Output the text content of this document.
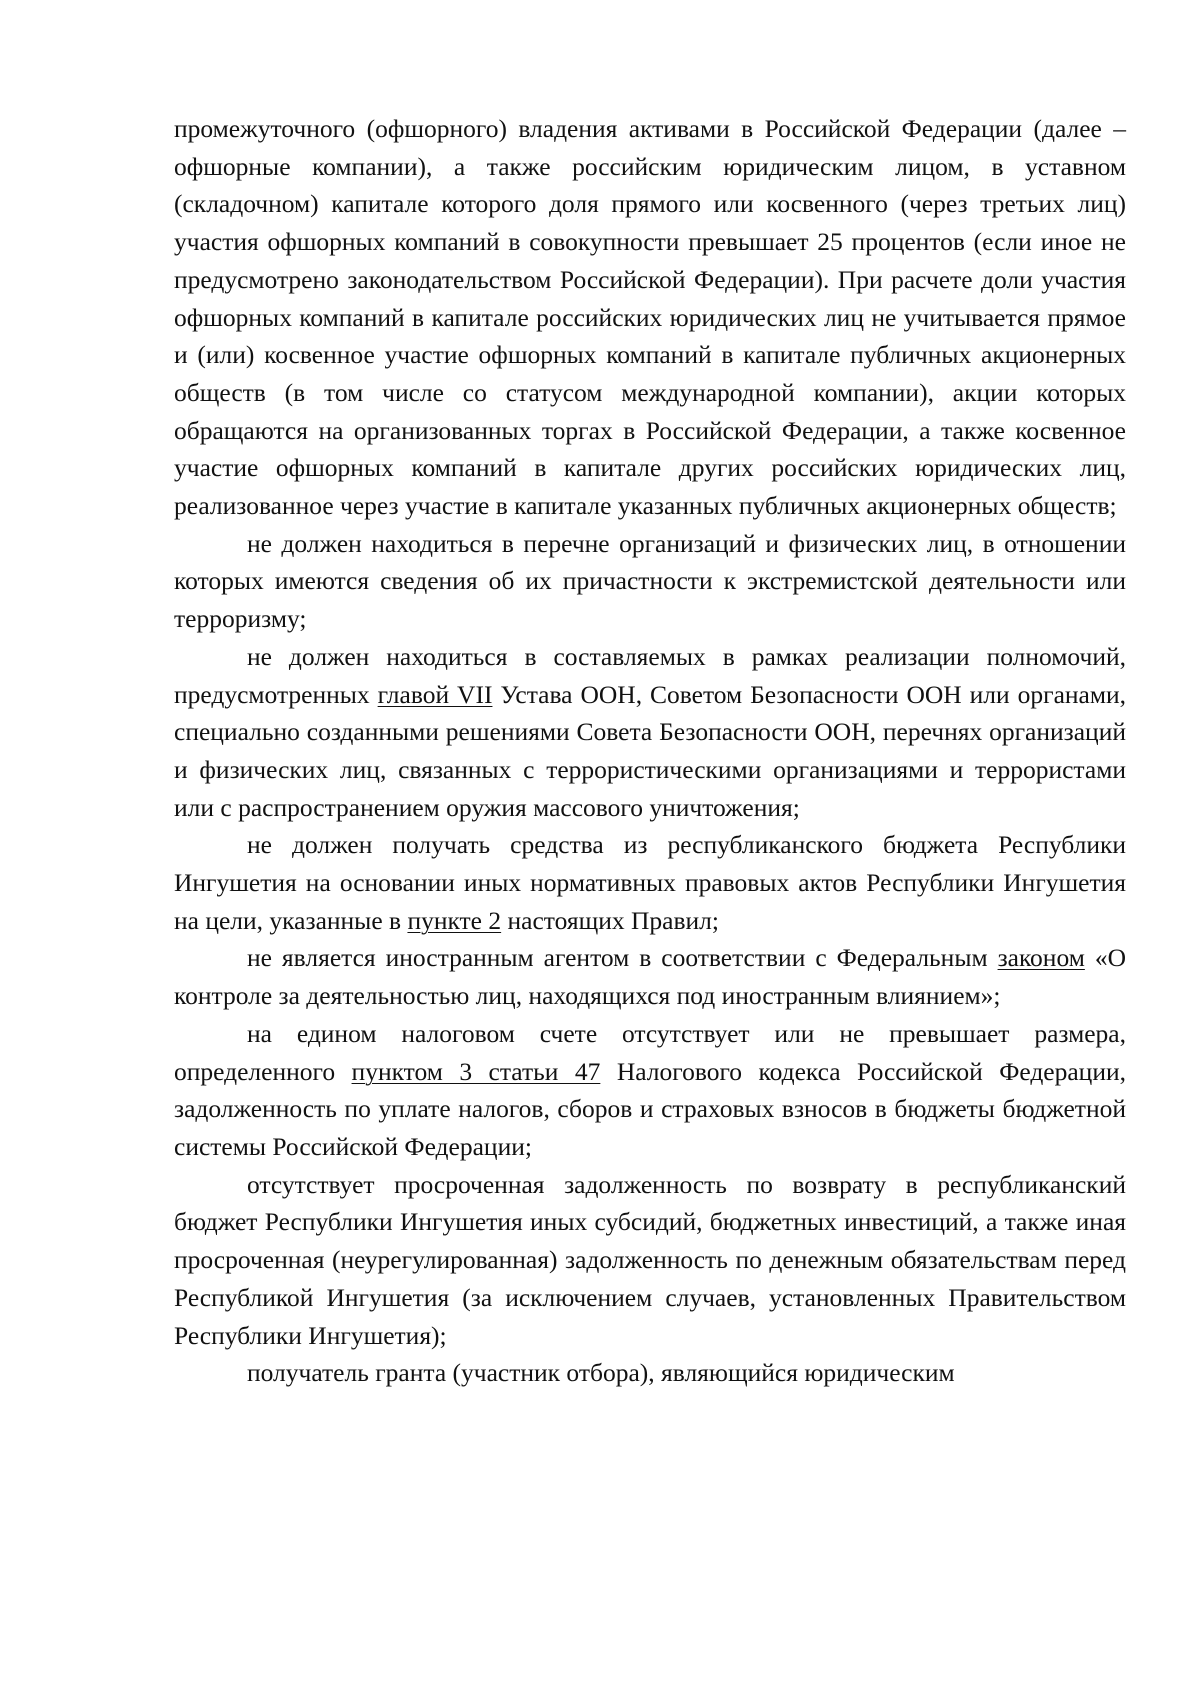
промежуточного (офшорного) владения активами в Российской Федерации (далее – офшорные компании), а также российским юридическим лицом, в уставном (складочном) капитале которого доля прямого или косвенного (через третьих лиц) участия офшорных компаний в совокупности превышает 25 процентов (если иное не предусмотрено законодательством Российской Федерации). При расчете доли участия офшорных компаний в капитале российских юридических лиц не учитывается прямое и (или) косвенное участие офшорных компаний в капитале публичных акционерных обществ (в том числе со статусом международной компании), акции которых обращаются на организованных торгах в Российской Федерации, а также косвенное участие офшорных компаний в капитале других российских юридических лиц, реализованное через участие в капитале указанных публичных акционерных обществ;

не должен находиться в перечне организаций и физических лиц, в отношении которых имеются сведения об их причастности к экстремистской деятельности или терроризму;

не должен находиться в составляемых в рамках реализации полномочий, предусмотренных главой VII Устава ООН, Советом Безопасности ООН или органами, специально созданными решениями Совета Безопасности ООН, перечнях организаций и физических лиц, связанных с террористическими организациями и террористами или с распространением оружия массового уничтожения;

не должен получать средства из республиканского бюджета Республики Ингушетия на основании иных нормативных правовых актов Республики Ингушетия на цели, указанные в пункте 2 настоящих Правил;

не является иностранным агентом в соответствии с Федеральным законом «О контроле за деятельностью лиц, находящихся под иностранным влиянием»;

на едином налоговом счете отсутствует или не превышает размера, определенного пунктом 3 статьи 47 Налогового кодекса Российской Федерации, задолженность по уплате налогов, сборов и страховых взносов в бюджеты бюджетной системы Российской Федерации;

отсутствует просроченная задолженность по возврату в республиканский бюджет Республики Ингушетия иных субсидий, бюджетных инвестиций, а также иная просроченная (неурегулированная) задолженность по денежным обязательствам перед Республикой Ингушетия (за исключением случаев, установленных Правительством Республики Ингушетия);

получатель гранта (участник отбора), являющийся юридическим
